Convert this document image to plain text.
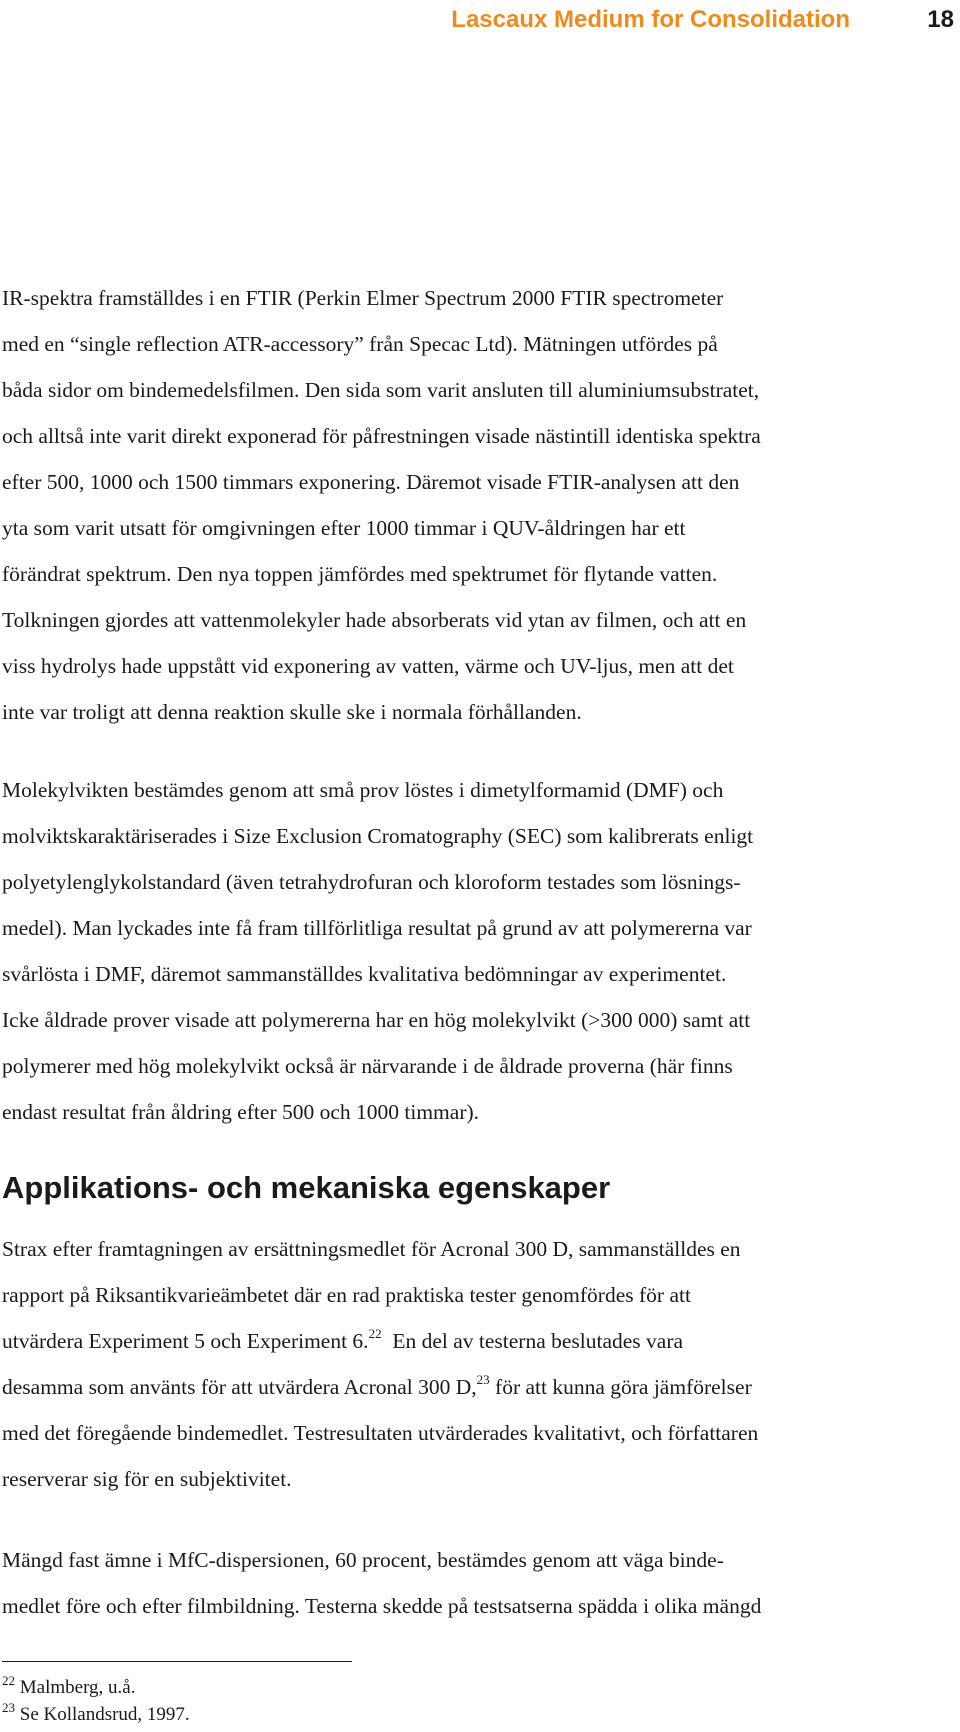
Lascaux Medium for Consolidation	18

IR-spektra framställdes i en FTIR (Perkin Elmer Spectrum 2000 FTIR spectrometer
med en “single reflection ATR-accessory” från Specac Ltd). Mätningen utfördes på
båda sidor om bindemedelsfilmen. Den sida som varit ansluten till aluminiumsubstratet,
och alltså inte varit direkt exponerad för påfrestningen visade nästintill identiska spektra
efter 500, 1000 och 1500 timmars exponering. Däremot visade FTIR-analysen att den
yta som varit utsatt för omgivningen efter 1000 timmar i QUV-åldringen har ett
förändrat spektrum. Den nya toppen jämfördes med spektrumet för flytande vatten.
Tolkningen gjordes att vattenmolekyler hade absorberats vid ytan av filmen, och att en
viss hydrolys hade uppstått vid exponering av vatten, värme och UV-ljus, men att det
inte var troligt att denna reaktion skulle ske i normala förhållanden.

Molekylvikten bestämdes genom att små prov löstes i dimetylformamid (DMF) och
molviktskaraktäriserades i Size Exclusion Cromatography (SEC) som kalibrerats enligt
polyetylenglykolstandard (även tetrahydrofuran och kloroform testades som lösnings-
medel). Man lyckades inte få fram tillförlitliga resultat på grund av att polymererna var
svårlösta i DMF, däremot sammanställdes kvalitativa bedömningar av experimentet.
Icke åldrade prover visade att polymererna har en hög molekylvikt (>300 000) samt att
polymerer med hög molekylvikt också är närvarande i de åldrade proverna (här finns
endast resultat från åldring efter 500 och 1000 timmar).

Applikations- och mekaniska egenskaper

Strax efter framtagningen av ersättningsmedlet för Acronal 300 D, sammanställdes en
rapport på Riksantikvarieämbetet där en rad praktiska tester genomfördes för att
utvärdera Experiment 5 och Experiment 6.22  En del av testerna beslutades vara
desamma som använts för att utvärdera Acronal 300 D,$^{23}$ för att kunna göra jämförelser
med det föregående bindemedlet. Testresultaten utvärderades kvalitativt, och författaren
reserverar sig för en subjektivitet.

Mängd fast ämne i MfC-dispersionen, 60 procent, bestämdes genom att väga binde-
medlet före och efter filmbildning. Testerna skedde på testsatserna spädda i olika mängd

$^{22}$ Malmberg, u.å.
$^{23}$ Se Kollandsrud, 1997.
